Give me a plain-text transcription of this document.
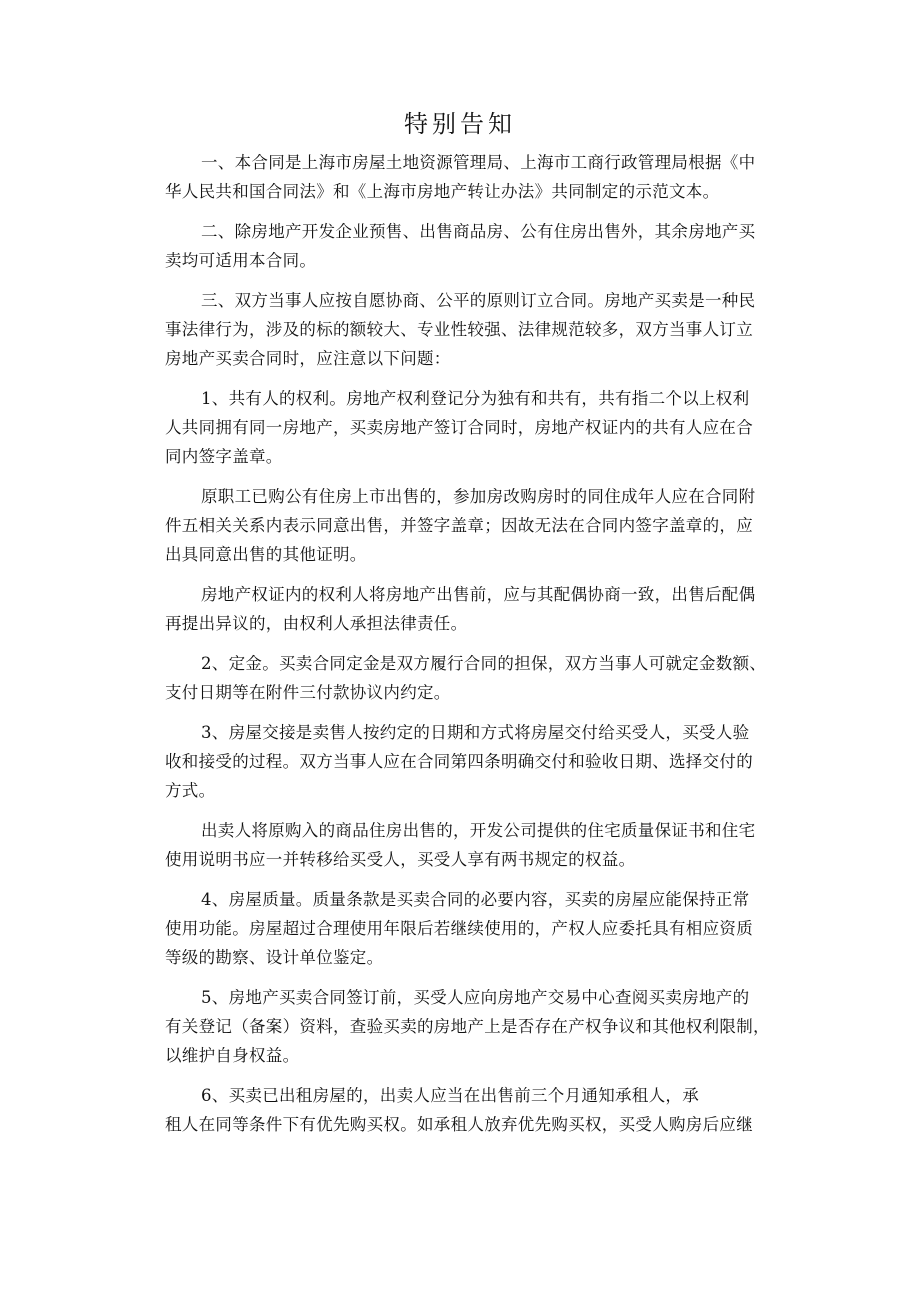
特别告知

一、本合同是上海市房屋土地资源管理局、上海市工商行政管理局根据《中
华人民共和国合同法》和《上海市房地产转让办法》共同制定的示范文本。

二、除房地产开发企业预售、出售商品房、公有住房出售外，其余房地产买
卖均可适用本合同。

三、双方当事人应按自愿协商、公平的原则订立合同。房地产买卖是一种民
事法律行为，涉及的标的额较大、专业性较强、法律规范较多，双方当事人订立
房地产买卖合同时，应注意以下问题：

1、共有人的权利。房地产权利登记分为独有和共有，共有指二个以上权利
人共同拥有同一房地产，买卖房地产签订合同时，房地产权证内的共有人应在合
同内签字盖章。

原职工已购公有住房上市出售的，参加房改购房时的同住成年人应在合同附
件五相关关系内表示同意出售，并签字盖章；因故无法在合同内签字盖章的，应
出具同意出售的其他证明。

房地产权证内的权利人将房地产出售前，应与其配偶协商一致，出售后配偶
再提出异议的，由权利人承担法律责任。

2、定金。买卖合同定金是双方履行合同的担保，双方当事人可就定金数额、
支付日期等在附件三付款协议内约定。

3、房屋交接是卖售人按约定的日期和方式将房屋交付给买受人，买受人验
收和接受的过程。双方当事人应在合同第四条明确交付和验收日期、选择交付的
方式。

出卖人将原购入的商品住房出售的，开发公司提供的住宅质量保证书和住宅
使用说明书应一并转移给买受人，买受人享有两书规定的权益。

4、房屋质量。质量条款是买卖合同的必要内容，买卖的房屋应能保持正常
使用功能。房屋超过合理使用年限后若继续使用的，产权人应委托具有相应资质
等级的勘察、设计单位鉴定。

5、房地产买卖合同签订前，买受人应向房地产交易中心查阅买卖房地产的
有关登记（备案）资料，查验买卖的房地产上是否存在产权争议和其他权利限制，
以维护自身权益。

6、买卖已出租房屋的，出卖人应当在出售前三个月通知承租人，承
租人在同等条件下有优先购买权。如承租人放弃优先购买权，买受人购房后应继
